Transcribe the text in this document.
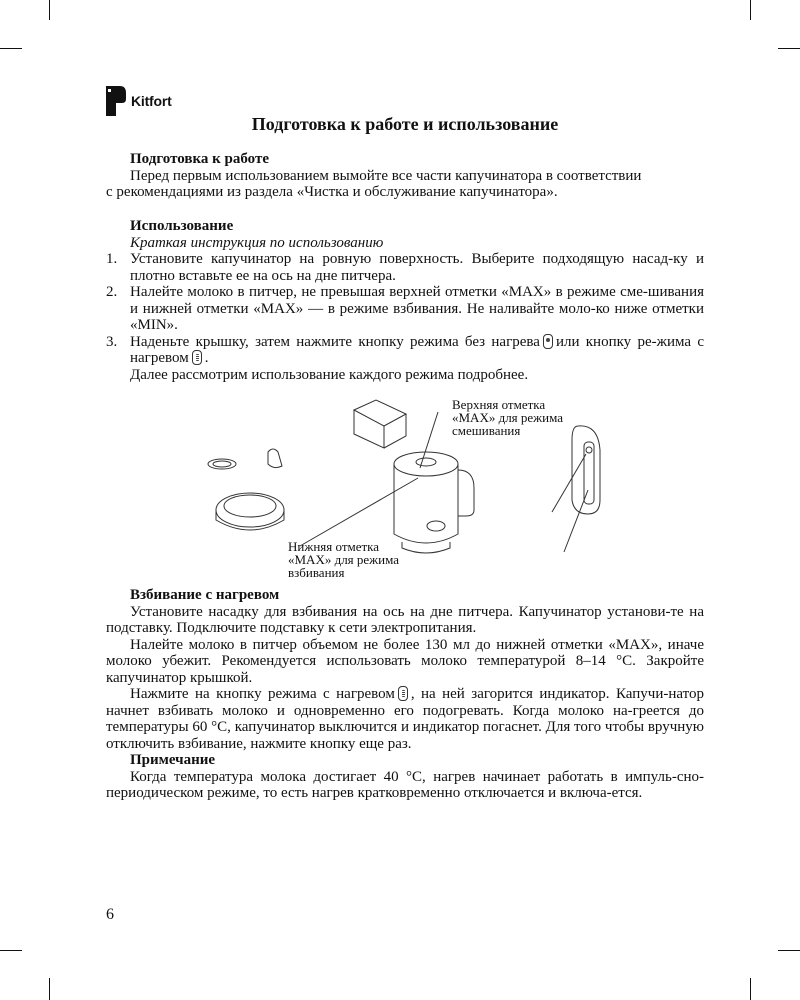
Kitfort
Подготовка к работе и использование

Подготовка к работе

Перед первым использованием вымойте все части капучинатора в соответствии

с рекомендациями из раздела «Чистка и обслуживание капучинатора».

Использование

Краткая инструкция по использованию

1. Установите капучинатор на ровную поверхность. Выберите подходящую насад-ку и плотно вставьте ее на ось на дне питчера.
2. Налейте молоко в питчер, не превышая верхней отметки «MAX» в режиме сме-шивания и нижней отметки «MAX» — в режиме взбивания. Не наливайте моло-ко ниже отметки «MIN».
3. Наденьте крышку, затем нажмите кнопку режима без нагрева или кнопку ре-жима с нагревом .

Далее рассмотрим использование каждого режима подробнее.

Верхняя отметка
«MAX» для режима
смешивания
Нижняя отметка
«MAX» для режима
взбивания

Взбивание с нагревом

Установите насадку для взбивания на ось на дне питчера. Капучинатор установи-те на подставку. Подключите подставку к сети электропитания.

Налейте молоко в питчер объемом не более 130 мл до нижней отметки «MAX», иначе молоко убежит. Рекомендуется использовать молоко температурой 8–14 °С. Закройте капучинатор крышкой.

Нажмите на кнопку режима с нагревом , на ней загорится индикатор. Капучи-натор начнет взбивать молоко и одновременно его подогревать. Когда молоко на-греется до температуры 60 °С, капучинатор выключится и индикатор погаснет. Для того чтобы вручную отключить взбивание, нажмите кнопку еще раз.

Примечание

Когда температура молока достигает 40 °С, нагрев начинает работать в импуль-сно-периодическом режиме, то есть нагрев кратковременно отключается и включа-ется.

6
